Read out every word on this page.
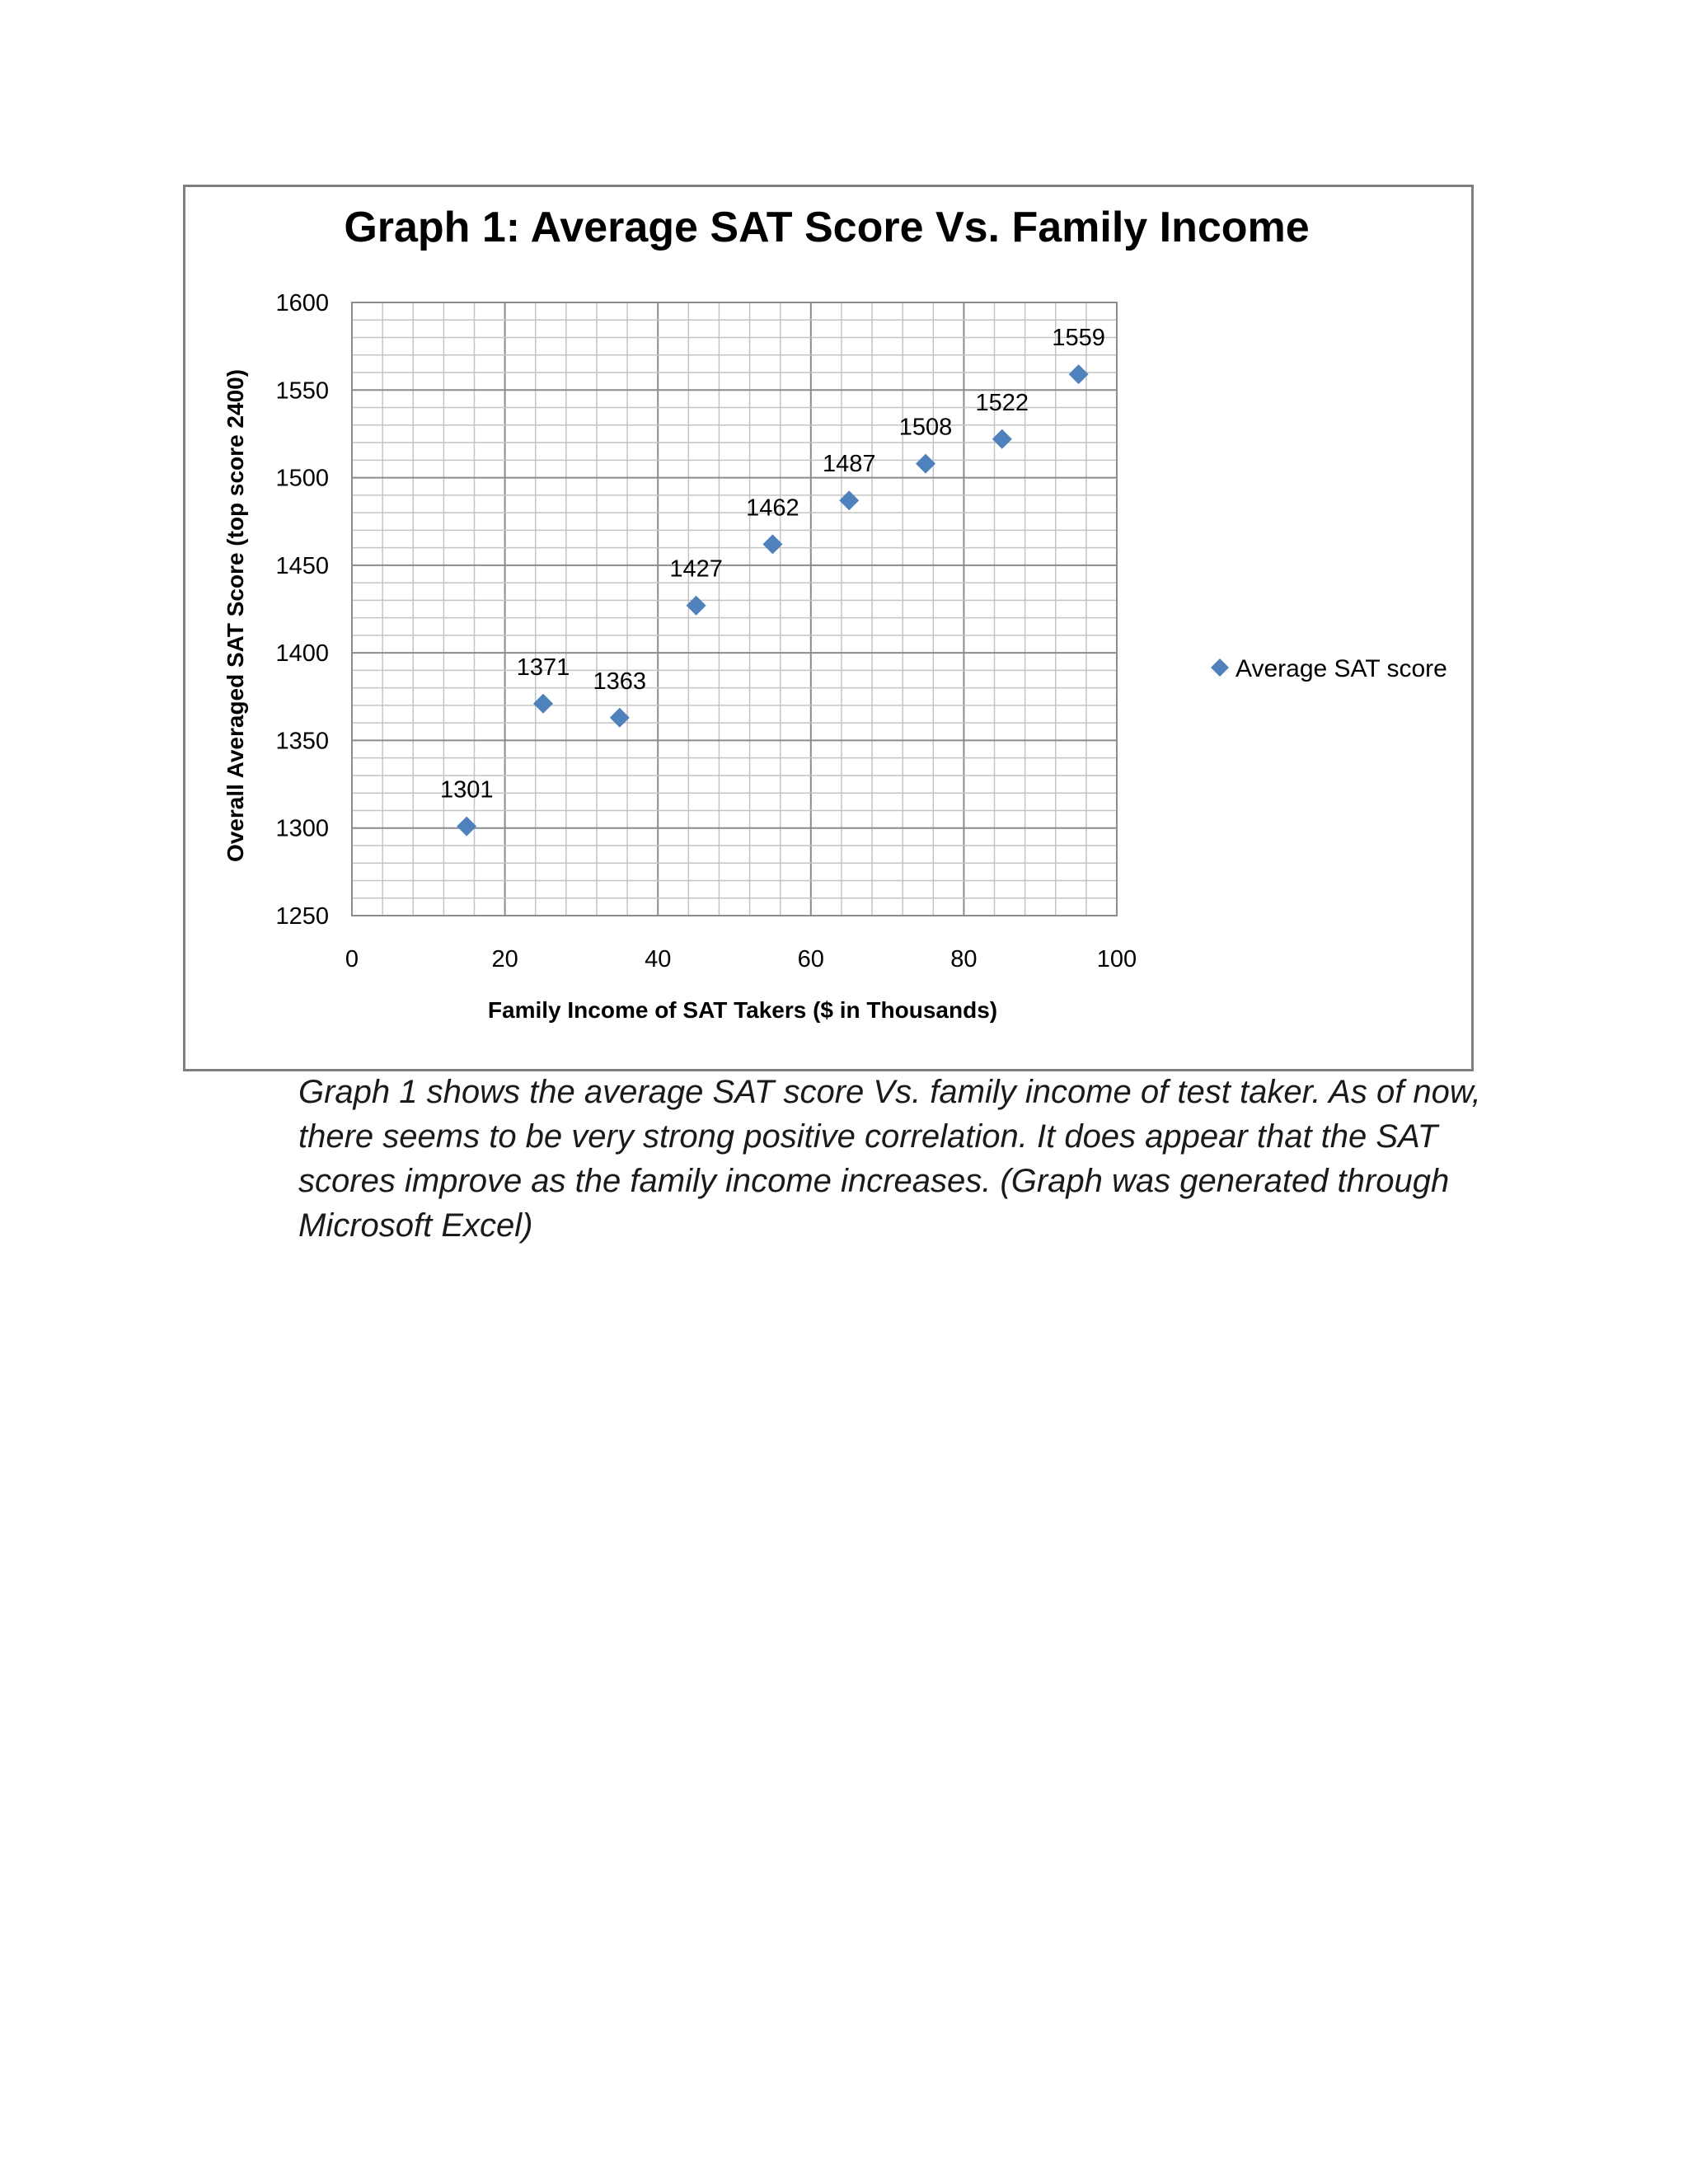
Graph 1: Average SAT Score Vs. Family Income
1250
1300
1350
1400
1450
1500
1550
1600
0	20	40	60	80	100
1301
1371
1363
1427
1462
1487
1508
1522
1559
Family Income of SAT Takers ($ in Thousands)
Overall Averaged SAT Score (top score 2400)	Average SAT score

Graph 1 shows the average SAT score Vs. family income of test taker. As of now, there seems to be very strong positive correlation. It does appear that the SAT scores improve as the family income increases. (Graph was generated through Microsoft Excel)
